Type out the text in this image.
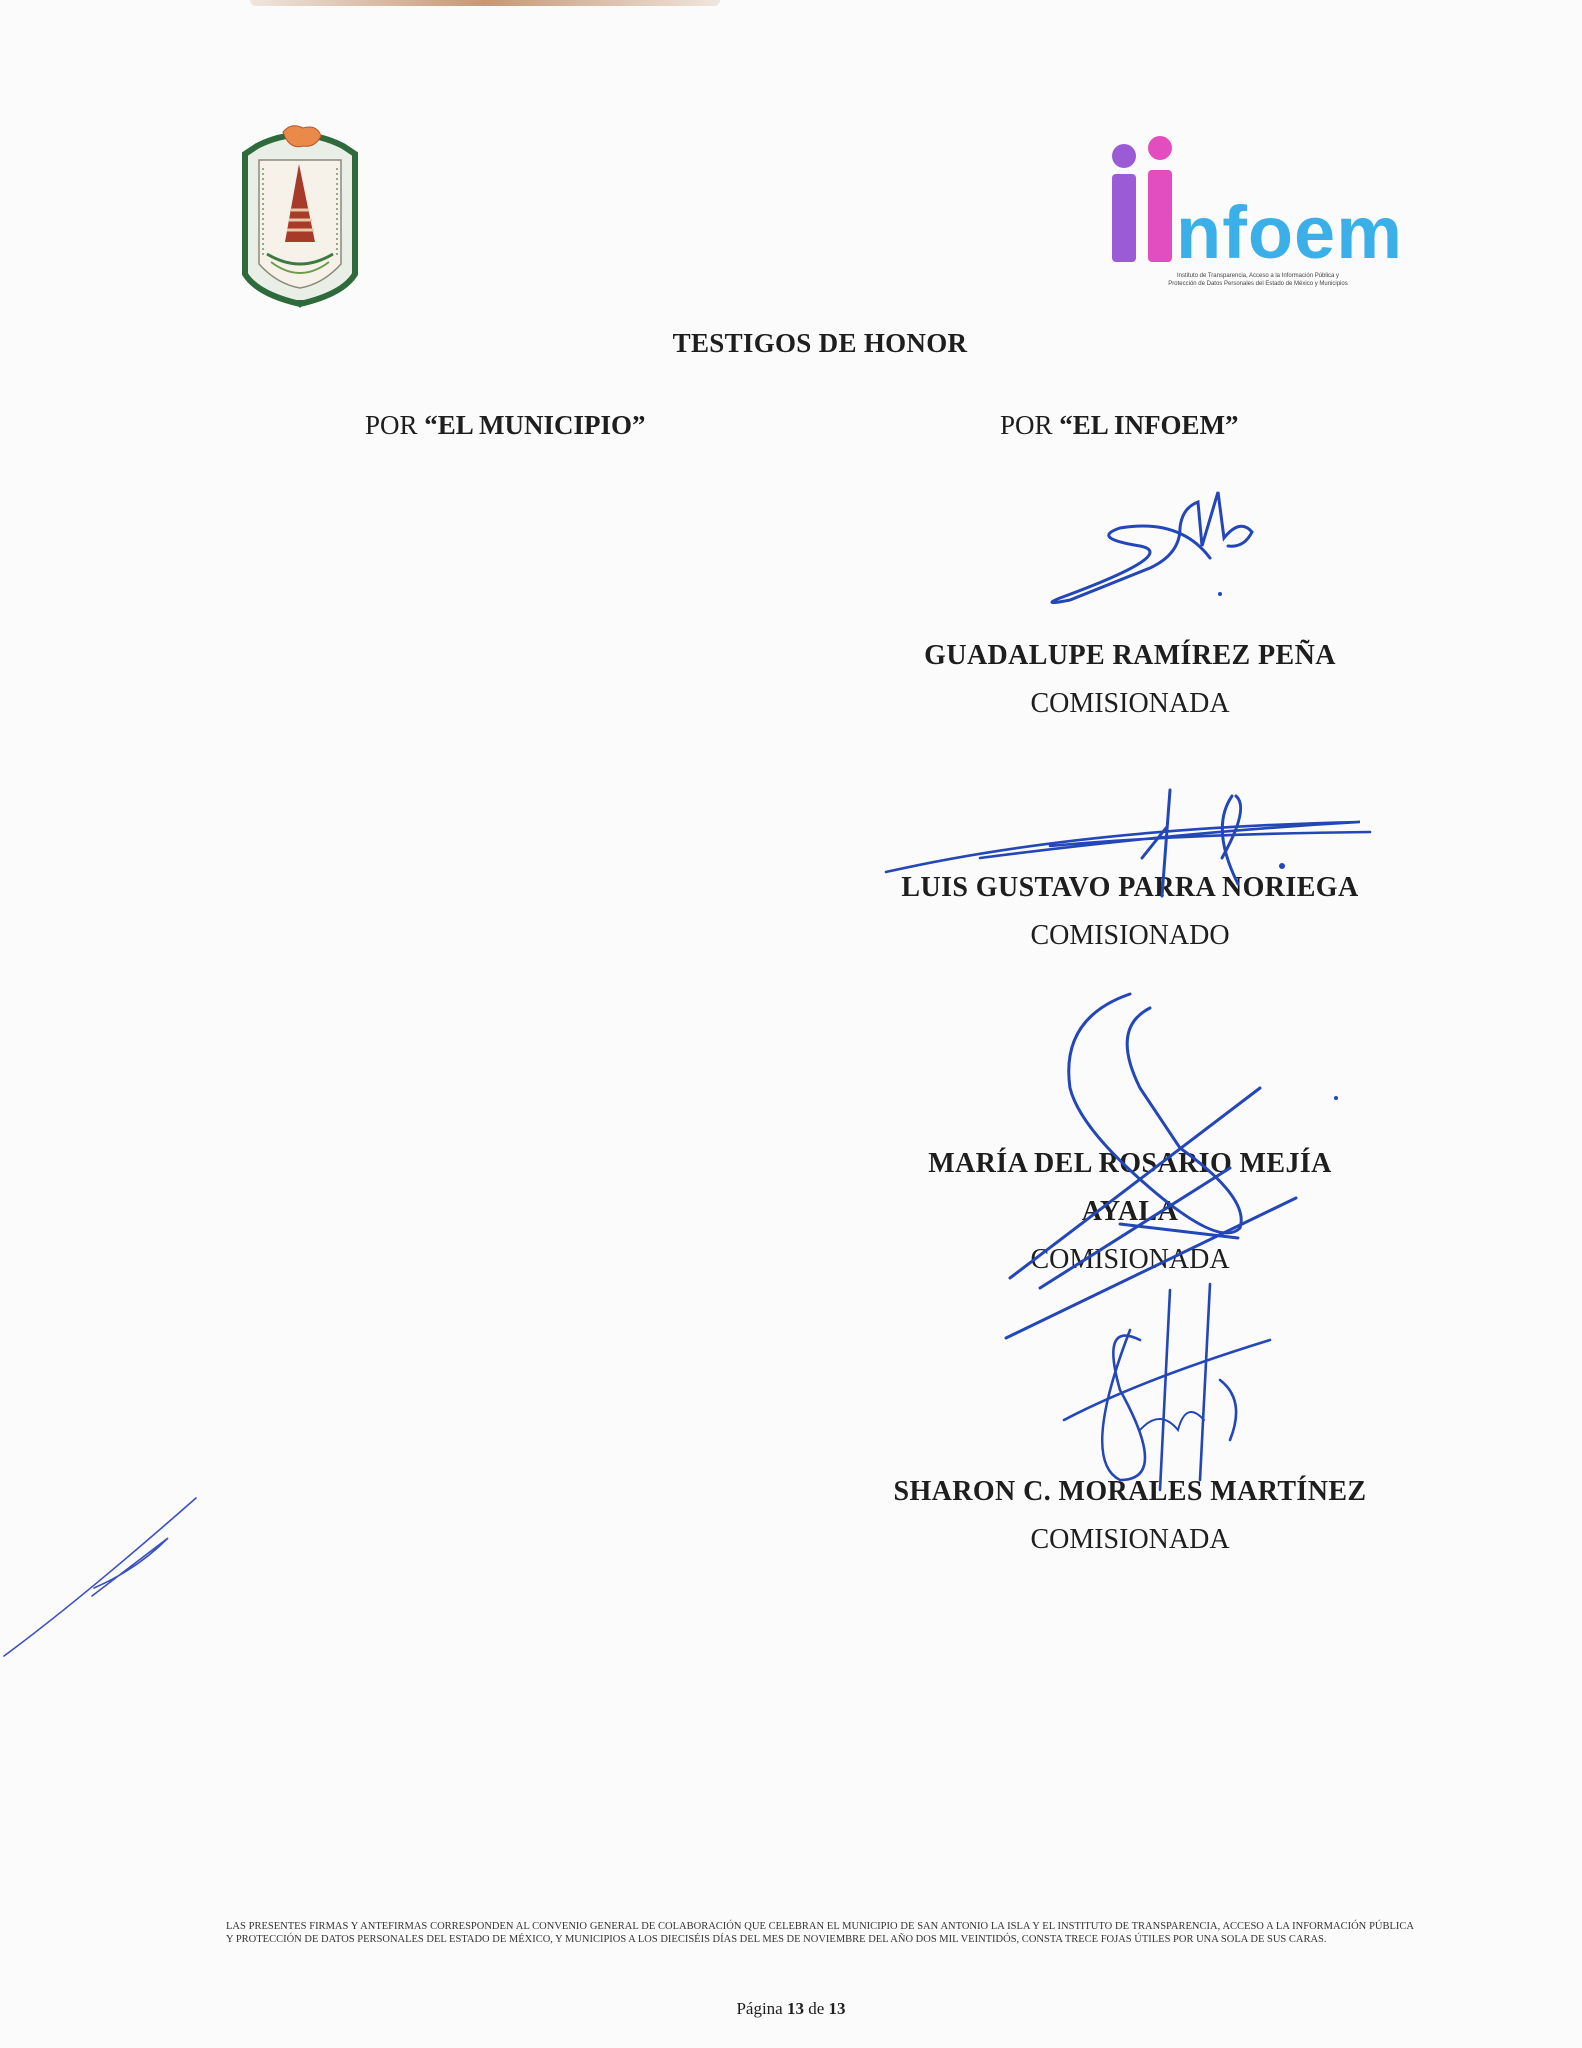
nfoem
Instituto de Transparencia, Acceso a la Información Pública y
Protección de Datos Personales del Estado de México y Municipios
TESTIGOS DE HONOR
POR “EL MUNICIPIO”	POR “EL INFOEM”
GUADALUPE RAMÍREZ PEÑA
COMISIONADA
LUIS GUSTAVO PARRA NORIEGA
COMISIONADO
MARÍA DEL ROSARIO MEJÍA
AYALA
COMISIONADA
SHARON C. MORALES MARTÍNEZ
COMISIONADA
LAS PRESENTES FIRMAS Y ANTEFIRMAS CORRESPONDEN AL CONVENIO GENERAL DE COLABORACIÓN QUE CELEBRAN EL MUNICIPIO DE SAN ANTONIO LA ISLA Y EL INSTITUTO DE TRANSPARENCIA, ACCESO A LA INFORMACIÓN PÚBLICA Y PROTECCIÓN DE DATOS PERSONALES DEL ESTADO DE MÉXICO, Y MUNICIPIOS A LOS DIECISÉIS DÍAS DEL MES DE NOVIEMBRE DEL AÑO DOS MIL VEINTIDÓS, CONSTA TRECE FOJAS ÚTILES POR UNA SOLA DE SUS CARAS.
Página 13 de 13
